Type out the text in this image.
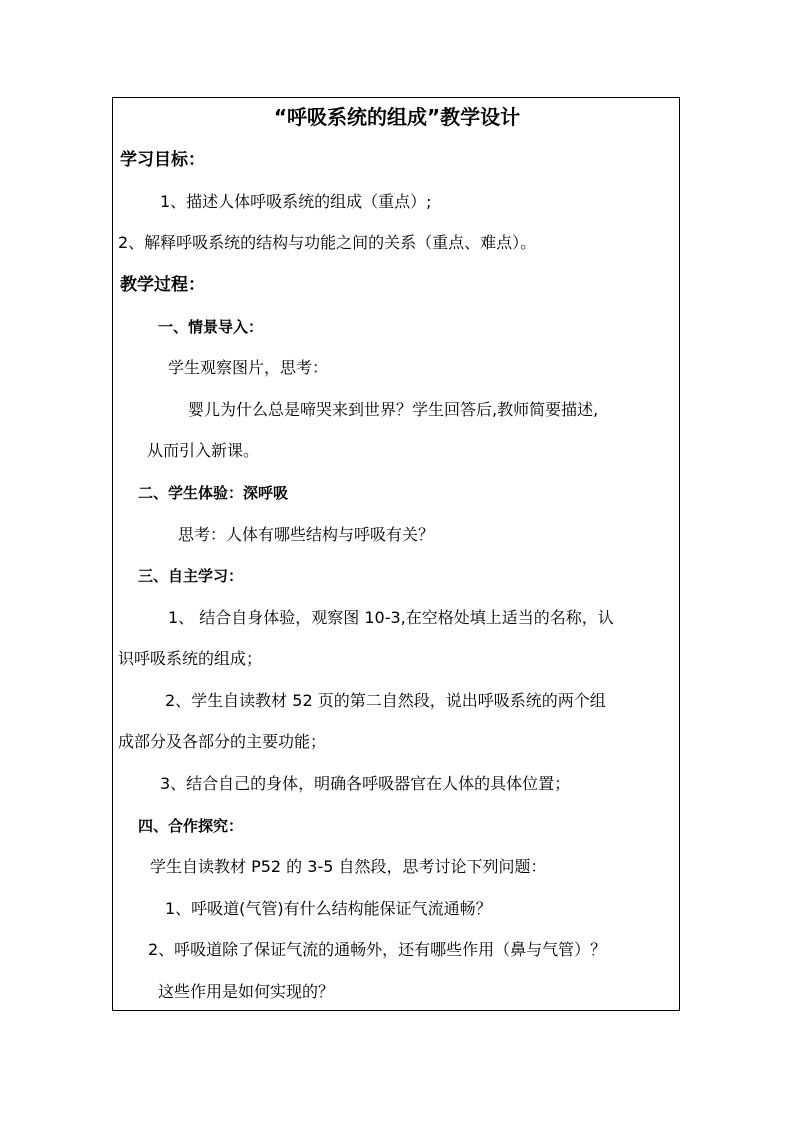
“呼吸系统的组成”教学设计
学习目标：
1、描述人体呼吸系统的组成（重点）;
2、解释呼吸系统的结构与功能之间的关系（重点、难点）。
教学过程：
一、情景导入：
学生观察图片，思考：
婴儿为什么总是啼哭来到世界？学生回答后,教师简要描述,
从而引入新课。
二、学生体验：深呼吸
思考：人体有哪些结构与呼吸有关？
三、自主学习：
1、 结合自身体验，观察图 10-3,在空格处填上适当的名称，认
识呼吸系统的组成；
2、学生自读教材 52 页的第二自然段，说出呼吸系统的两个组
成部分及各部分的主要功能；
3、结合自己的身体，明确各呼吸器官在人体的具体位置；
四、合作探究：
学生自读教材 P52 的 3-5 自然段，思考讨论下列问题：
1、呼吸道(气管)有什么结构能保证气流通畅？
2、呼吸道除了保证气流的通畅外，还有哪些作用（鼻与气管）？
这些作用是如何实现的？
